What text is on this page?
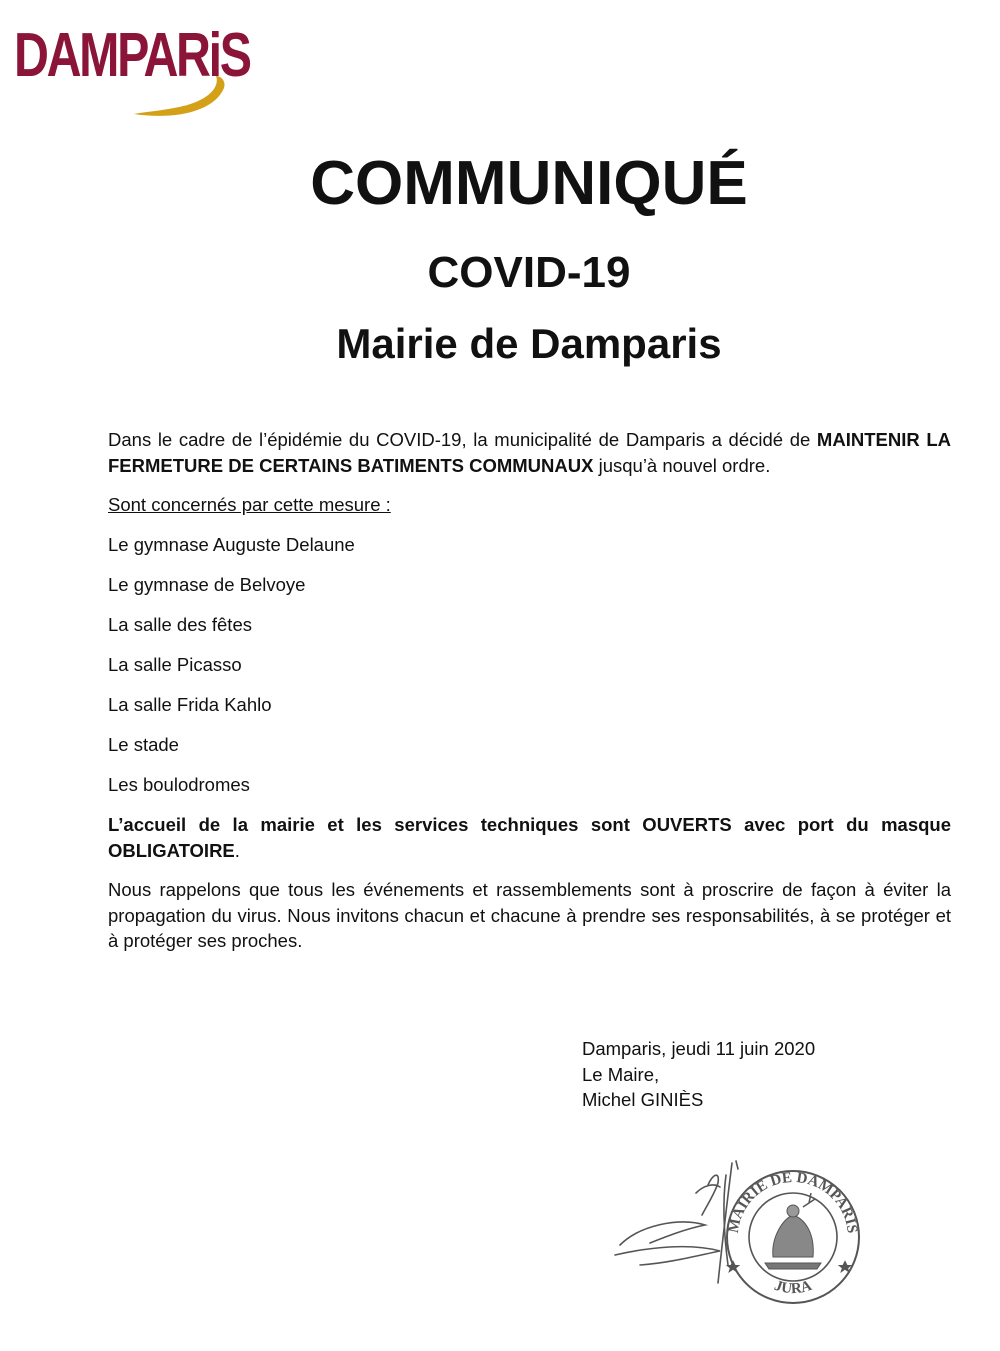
DAMPARiS
COMMUNIQUÉ
COVID-19
Mairie de Damparis

Dans le cadre de l’épidémie du COVID-19, la municipalité de Damparis a décidé de MAINTENIR LA FERMETURE DE CERTAINS BATIMENTS COMMUNAUX jusqu’à nouvel ordre.

Sont concernés par cette mesure :

Le gymnase Auguste Delaune

Le gymnase de Belvoye

La salle des fêtes

La salle Picasso

La salle Frida Kahlo

Le stade

Les boulodromes

L’accueil de la mairie et les services techniques sont OUVERTS avec port du masque OBLIGATOIRE.

Nous rappelons que tous les événements et rassemblements sont à proscrire de façon à éviter la propagation du virus. Nous invitons chacun et chacune à prendre ses responsabilités, à se protéger et à protéger ses proches.

Damparis, jeudi 11 juin 2020
Le Maire,
Michel GINIÈS
MAIRIE DE DAMPARIS
JURA
